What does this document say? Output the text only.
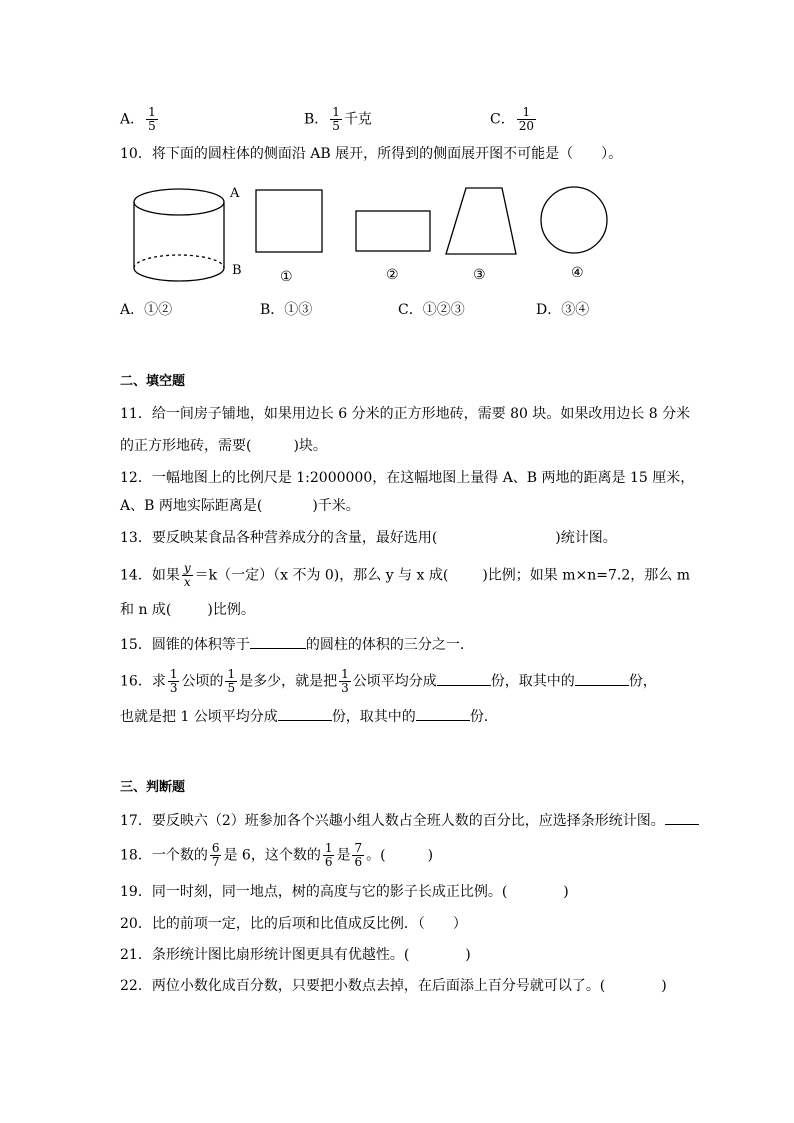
A． $\frac{1}{5}$	B． $\frac{1}{5}$ 千克	C． $\frac{1}{20}$
10．将下面的圆柱体的侧面沿 AB 展开，所得到的侧面展开图不可能是（　　）。
A
B	①	②	③	④
A．①②	B．①③	C．①②③	D．③④
二、填空题
11．给一间房子铺地，如果用边长 6 分米的正方形地砖，需要 80 块。如果改用边长 8 分米
的正方形地砖，需要(	)块。
12．一幅地图上的比例尺是 1:2000000，在这幅地图上量得 A、B 两地的距离是 15 厘米，
A、B 两地实际距离是(	)千米。
13．要反映某食品各种营养成分的含量，最好选用(	)统计图。
14．如果 $\frac{y}{x} =k$（一定）（x 不为 0)，那么 y 与 x 成( )比例；如果 m×n=7.2，那么 m
和 n 成(	)比例。
15．圆锥的体积等于	的圆柱的体积的三分之一．
16．求 $\frac{1}{3}$ 公顷的 $\frac{1}{5}$ 是多少，就是把 $\frac{1}{3}$ 公顷平均分成	份，取其中的	份，
也就是把 1 公顷平均分成	份，取其中的	份.
三、判断题
17．要反映六（2）班参加各个兴趣小组人数占全班人数的百分比，应选择条形统计图。
18．一个数的 $\frac{6}{7}$ 是 6，这个数的 $\frac{1}{6}$ 是 $\frac{7}{6}$ 。(　　　)
19．同一时刻，同一地点，树的高度与它的影子长成正比例。(　　　　)
20．比的前项一定，比的后项和比值成反比例．（　　）
21．条形统计图比扇形统计图更具有优越性。(　　　　)
22．两位小数化成百分数，只要把小数点去掉，在后面添上百分号就可以了。(　　　　)
